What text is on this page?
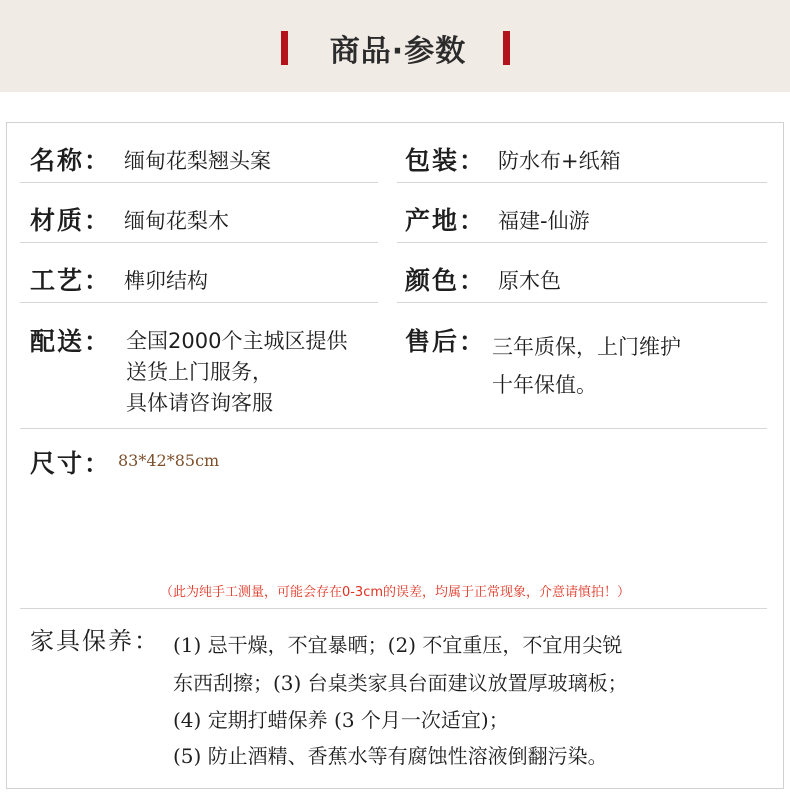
商品·参数
名称： 缅甸花梨翘头案	包装： 防水布+纸箱
材质： 缅甸花梨木	产地： 福建-仙游
工艺： 榫卯结构	颜色： 原木色
配送： 全国2000个主城区提供
送货上门服务，
具体请咨询客服
售后： 三年质保，上门维护
十年保值。
尺寸： 83*42*85cm
（此为纯手工测量，可能会存在0-3cm的误差，均属于正常现象，介意请慎拍！）
家具保养： (1) 忌干燥，不宜暴晒；(2) 不宜重压，不宜用尖锐
东西刮擦；(3) 台桌类家具台面建议放置厚玻璃板；
(4) 定期打蜡保养 (3 个月一次适宜)；
(5) 防止酒精、香蕉水等有腐蚀性溶液倒翻污染。
